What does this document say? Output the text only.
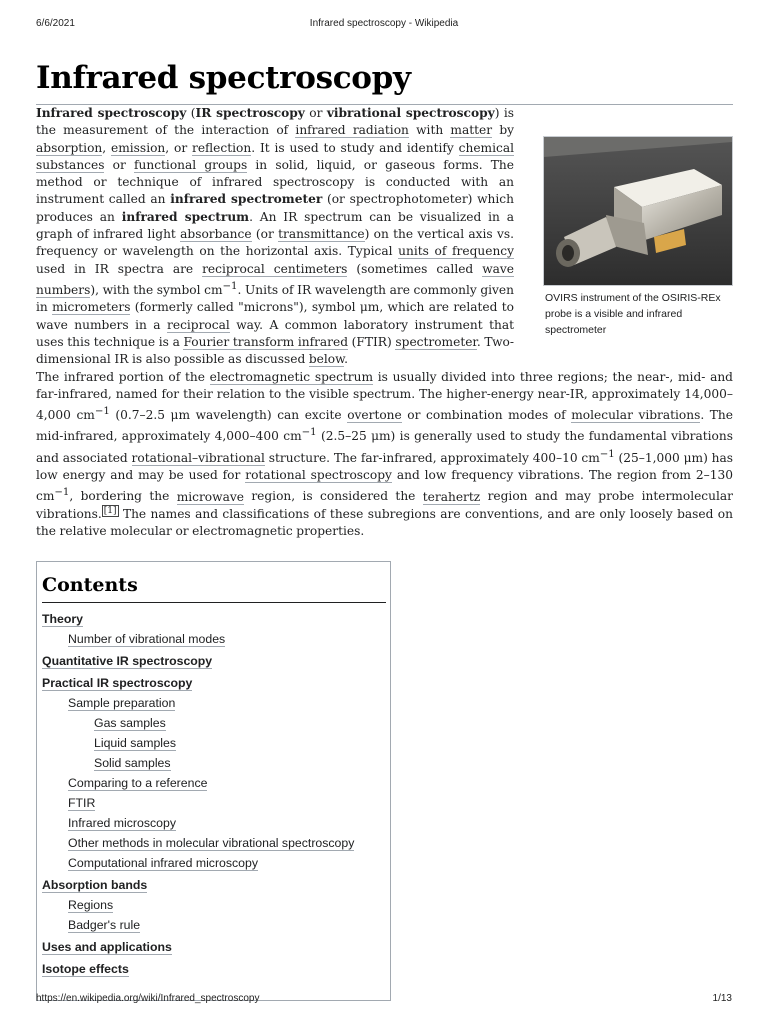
6/6/2021	Infrared spectroscopy - Wikipedia
Infrared spectroscopy
OVIRS instrument of the OSIRIS-REx probe is a visible and infrared spectrometer

Infrared spectroscopy (IR spectroscopy or vibrational spectroscopy) is the measurement of the interaction of infrared radiation with matter by absorption, emission, or reflection. It is used to study and identify chemical substances or functional groups in solid, liquid, or gaseous forms. The method or technique of infrared spectroscopy is conducted with an instrument called an infrared spectrometer (or spectrophotometer) which produces an infrared spectrum. An IR spectrum can be visualized in a graph of infrared light absorbance (or transmittance) on the vertical axis vs. frequency or wavelength on the horizontal axis. Typical units of frequency used in IR spectra are reciprocal centimeters (sometimes called wave numbers), with the symbol $cm^{-1}$. Units of IR wavelength are commonly given in micrometers (formerly called "microns"), symbol μm, which are related to wave numbers in a reciprocal way. A common laboratory instrument that uses this technique is a Fourier transform infrared (FTIR) spectrometer. Two-dimensional IR is also possible as discussed below.

The infrared portion of the electromagnetic spectrum is usually divided into three regions; the near-, mid- and far-infrared, named for their relation to the visible spectrum. The higher-energy near-IR, approximately 14,000–4,000 $cm^{-1}$ (0.7–2.5 μm wavelength) can excite overtone or combination modes of molecular vibrations. The mid-infrared, approximately 4,000–400 $cm^{-1}$ (2.5–25 μm) is generally used to study the fundamental vibrations and associated rotational–vibrational structure. The far-infrared, approximately 400–10 $cm^{-1}$ (25–1,000 μm) has low energy and may be used for rotational spectroscopy and low frequency vibrations. The region from 2–130 $cm^{-1}$, bordering the microwave region, is considered the terahertz region and may probe intermolecular vibrations. [1] The names and classifications of these subregions are conventions, and are only loosely based on the relative molecular or electromagnetic properties.

Contents
Theory
Number of vibrational modes
Quantitative IR spectroscopy
Practical IR spectroscopy
Sample preparation
Gas samples
Liquid samples
Solid samples
Comparing to a reference
FTIR
Infrared microscopy
Other methods in molecular vibrational spectroscopy
Computational infrared microscopy
Absorption bands
Regions
Badger's rule
Uses and applications
Isotope effects
https://en.wikipedia.org/wiki/Infrared_spectroscopy	1/13
